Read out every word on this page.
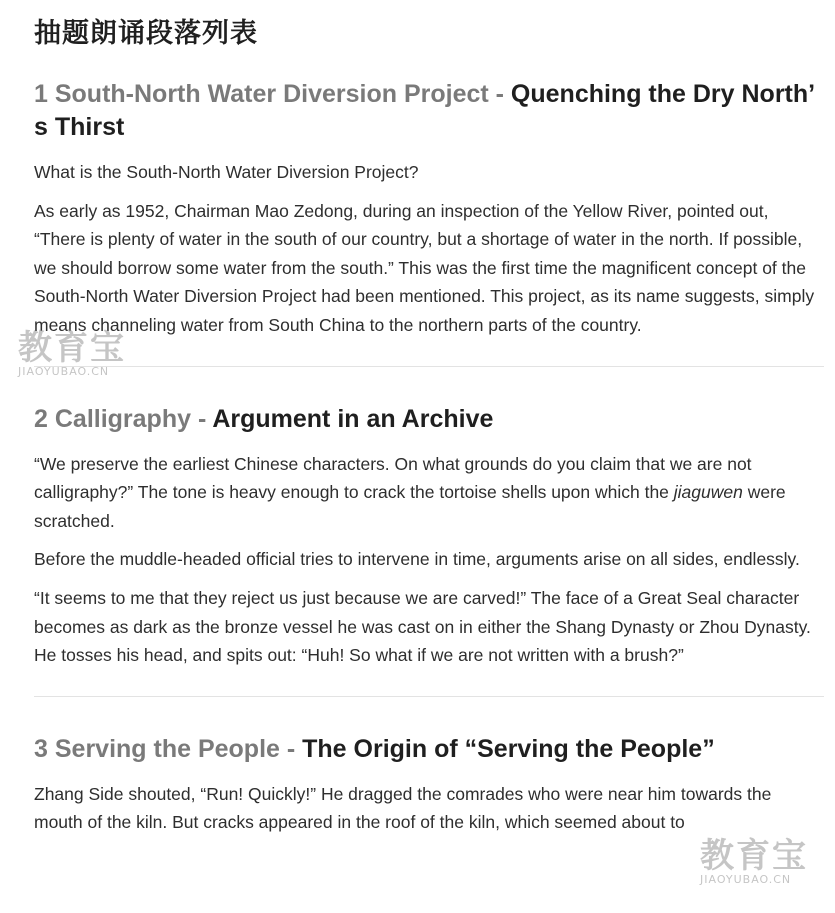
抽题朗诵段落列表
1 South-North Water Diversion Project - Quenching the Dry North’ s Thirst

What is the South-North Water Diversion Project?

As early as 1952, Chairman Mao Zedong, during an inspection of the Yellow River, pointed out, “There is plenty of water in the south of our country, but a shortage of water in the north. If possible, we should borrow some water from the south.” This was the first time the magnificent concept of the South-North Water Diversion Project had been mentioned. This project, as its name suggests, simply means channeling water from South China to the northern parts of the country.

2 Calligraphy - Argument in an Archive

“We preserve the earliest Chinese characters. On what grounds do you claim that we are not calligraphy?” The tone is heavy enough to crack the tortoise shells upon which the jiaguwen were scratched.

Before the muddle-headed official tries to intervene in time, arguments arise on all sides, endlessly.

“It seems to me that they reject us just because we are carved!” The face of a Great Seal character becomes as dark as the bronze vessel he was cast on in either the Shang Dynasty or Zhou Dynasty. He tosses his head, and spits out: “Huh! So what if we are not written with a brush?”

3 Serving the People - The Origin of “Serving the People”

Zhang Side shouted, “Run! Quickly!” He dragged the comrades who were near him towards the mouth of the kiln. But cracks appeared in the roof of the kiln, which seemed about to

教育宝
JIAOYUBAO.CN
教育宝
JIAOYUBAO.CN
